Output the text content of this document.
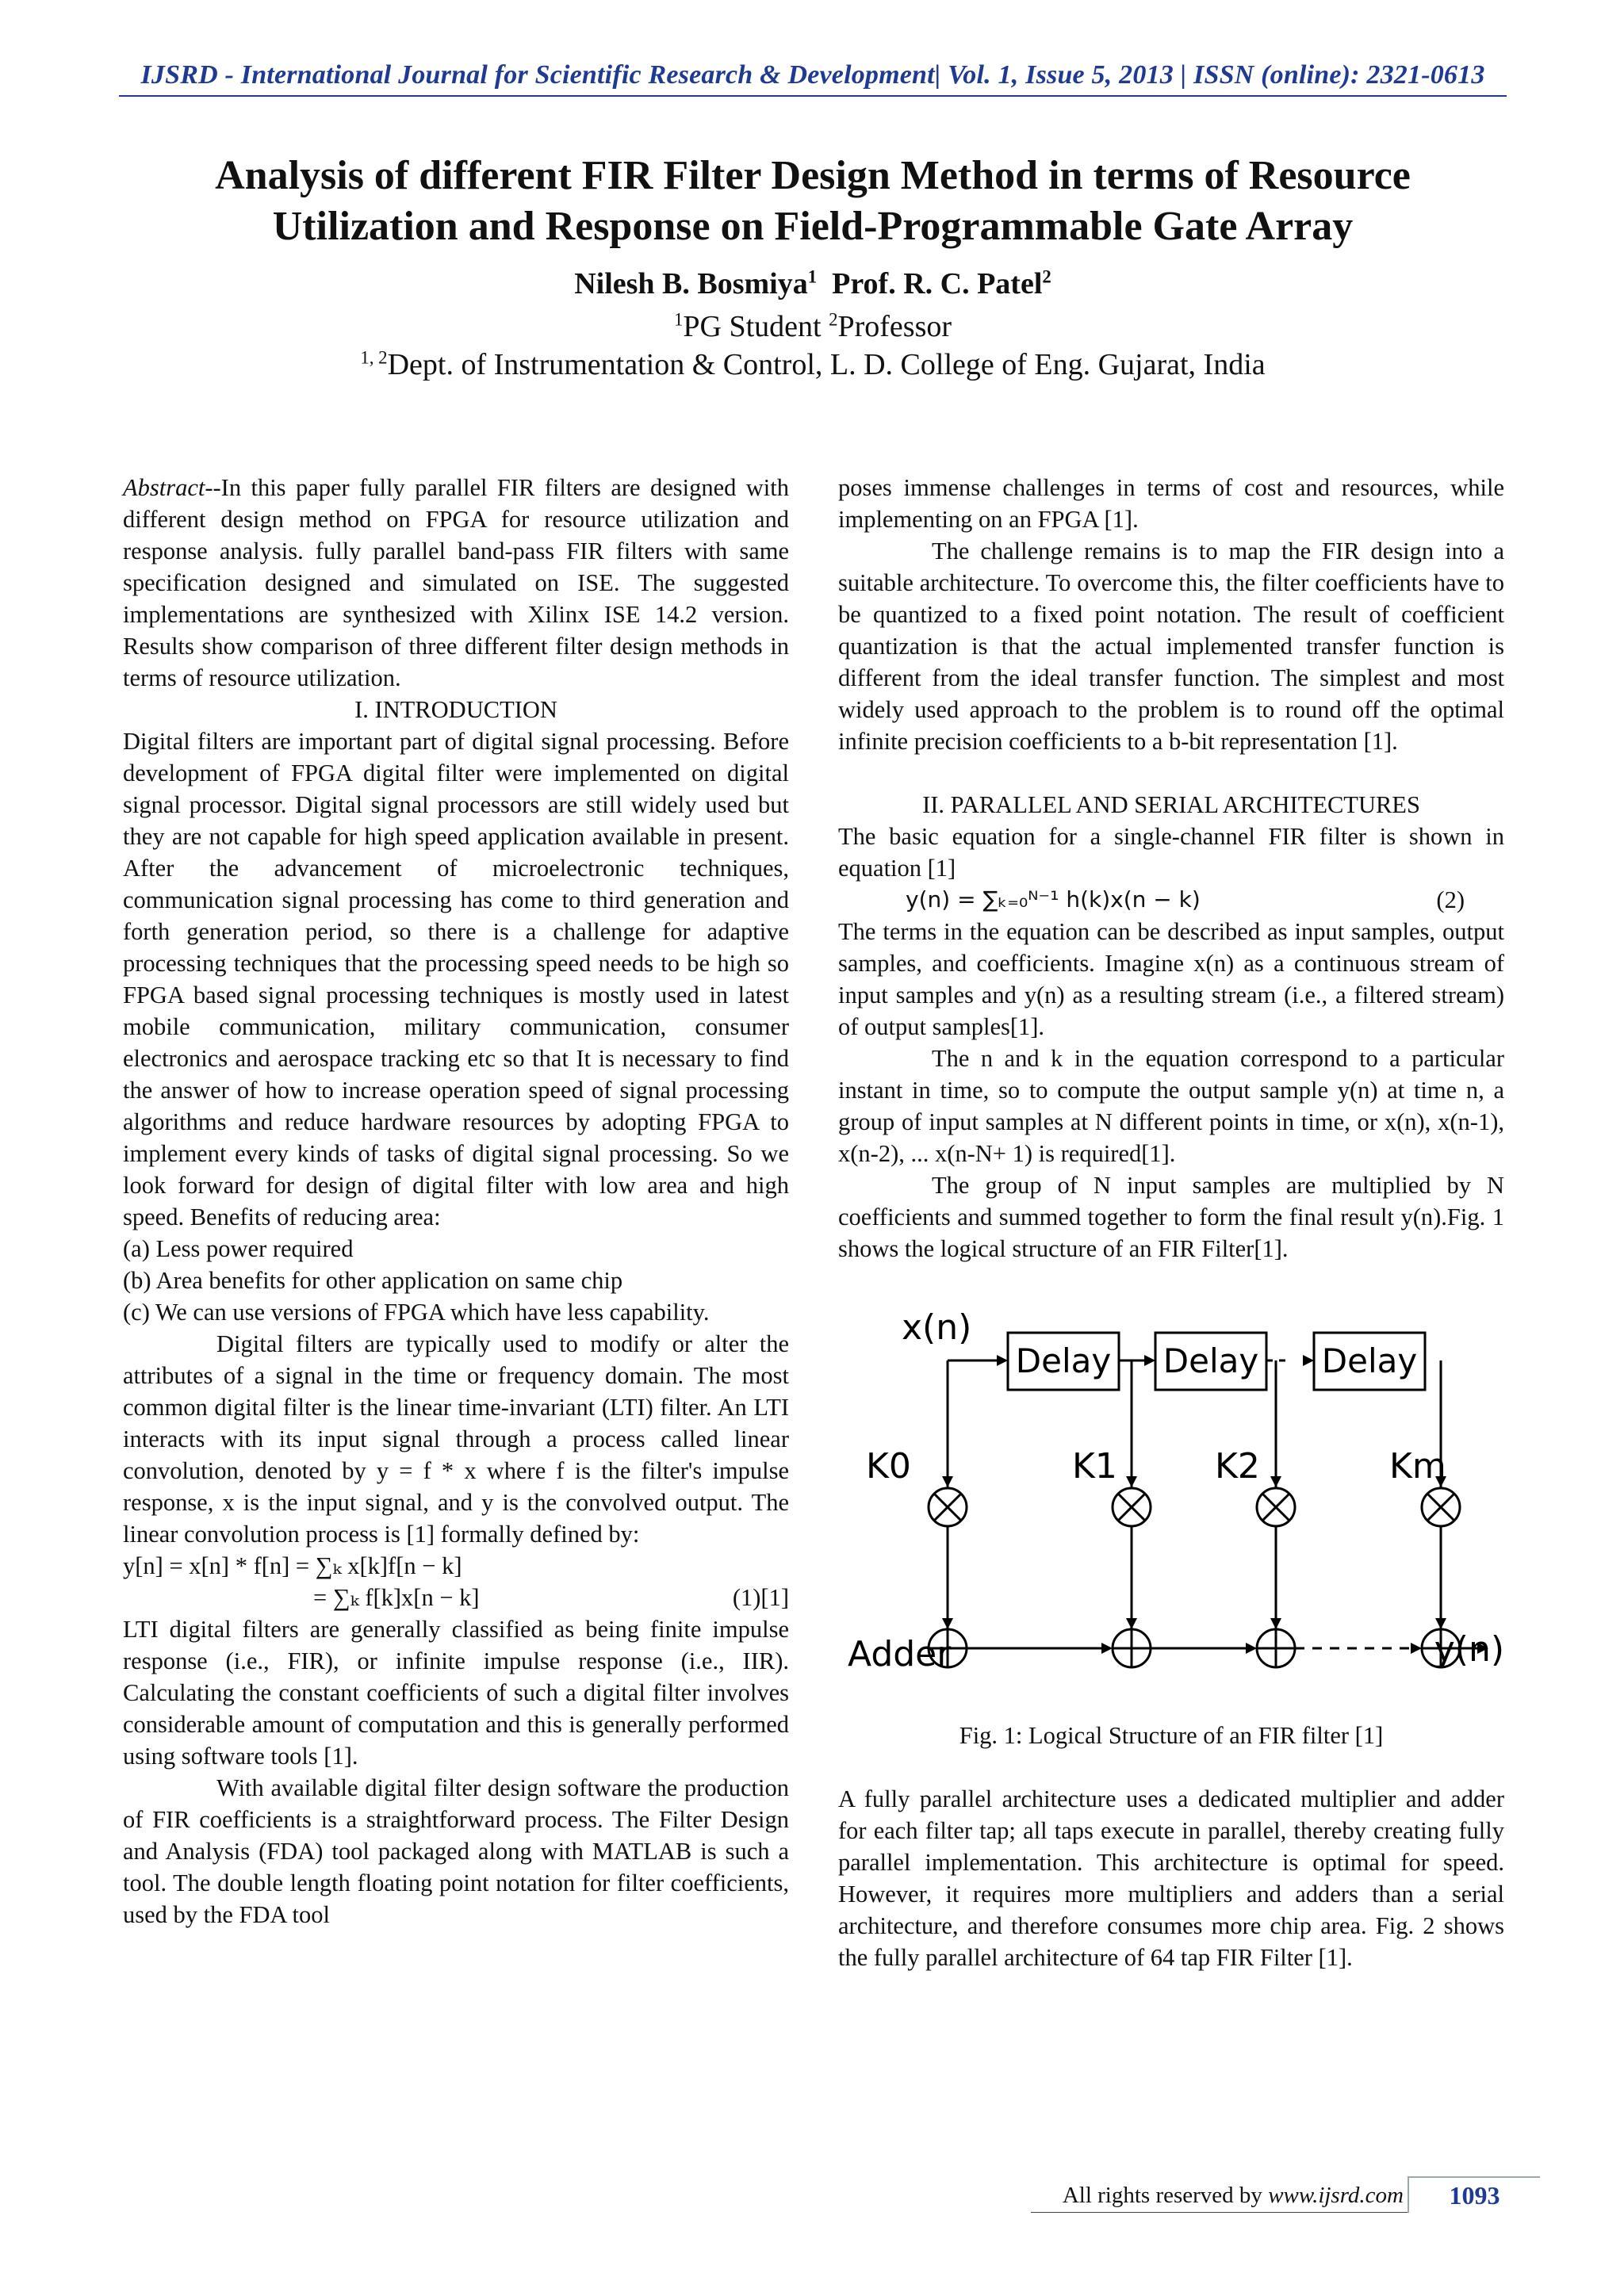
IJSRD - International Journal for Scientific Research & Development| Vol. 1, Issue 5, 2013 | ISSN (online): 2321-0613
Analysis of different FIR Filter Design Method in terms of Resource
Utilization and Response on Field-Programmable Gate Array
Nilesh B. Bosmiya$^1$ Prof. R. C. Patel$^2$
$^1$PG Student $^2$Professor
$^{1, 2}$Dept. of Instrumentation & Control, L. D. College of Eng. Gujarat, India

Abstract--In this paper fully parallel FIR filters are designed with different design method on FPGA for resource utilization and response analysis. fully parallel band-pass FIR filters with same specification designed and simulated on ISE. The suggested implementations are synthesized with Xilinx ISE 14.2 version. Results show comparison of three different filter design methods in terms of resource utilization.

I. INTRODUCTION

Digital filters are important part of digital signal processing. Before development of FPGA digital filter were implemented on digital signal processor. Digital signal processors are still widely used but they are not capable for high speed application available in present. After the advancement of microelectronic techniques, communication signal processing has come to third generation and forth generation period, so there is a challenge for adaptive processing techniques that the processing speed needs to be high so FPGA based signal processing techniques is mostly used in latest mobile communication, military communication, consumer electronics and aerospace tracking etc so that It is necessary to find the answer of how to increase operation speed of signal processing algorithms and reduce hardware resources by adopting FPGA to implement every kinds of tasks of digital signal processing. So we look forward for design of digital filter with low area and high speed. Benefits of reducing area:

(a) Less power required

(b) Area benefits for other application on same chip

(c) We can use versions of FPGA which have less capability.

Digital filters are typically used to modify or alter the attributes of a signal in the time or frequency domain. The most common digital filter is the linear time-invariant (LTI) filter. An LTI interacts with its input signal through a process called linear convolution, denoted by y = f * x where f is the filter's impulse response, x is the input signal, and y is the convolved output. The linear convolution process is [1] formally defined by:

y[n] = x[n] * f[n] = ∑ₖ x[k]f[n − k]

= ∑ₖ f[k]x[n − k]	(1)[1]

LTI digital filters are generally classified as being finite impulse response (i.e., FIR), or infinite impulse response (i.e., IIR). Calculating the constant coefficients of such a digital filter involves considerable amount of computation and this is generally performed using software tools [1].

With available digital filter design software the production of FIR coefficients is a straightforward process. The Filter Design and Analysis (FDA) tool packaged along with MATLAB is such a tool. The double length floating point notation for filter coefficients, used by the FDA tool

poses immense challenges in terms of cost and resources, while implementing on an FPGA [1].

The challenge remains is to map the FIR design into a suitable architecture. To overcome this, the filter coefficients have to be quantized to a fixed point notation. The result of coefficient quantization is that the actual implemented transfer function is different from the ideal transfer function. The simplest and most widely used approach to the problem is to round off the optimal infinite precision coefficients to a b-bit representation [1].

II. PARALLEL AND SERIAL ARCHITECTURES

The basic equation for a single-channel FIR filter is shown in equation [1]

y(n) = ∑ₖ₌₀ᴺ⁻¹ h(k)x(n − k)	(2)

The terms in the equation can be described as input samples, output samples, and coefficients. Imagine x(n) as a continuous stream of input samples and y(n) as a resulting stream (i.e., a filtered stream) of output samples[1].

The n and k in the equation correspond to a particular instant in time, so to compute the output sample y(n) at time n, a group of input samples at N different points in time, or x(n), x(n-1), x(n-2), ... x(n-N+ 1) is required[1].

The group of N input samples are multiplied by N coefficients and summed together to form the final result y(n).Fig. 1 shows the logical structure of an FIR Filter[1].

x(n)
Delay Delay Delay
K0	K1	K2	Km
Adder	y(n)

Fig. 1: Logical Structure of an FIR filter [1]

A fully parallel architecture uses a dedicated multiplier and adder for each filter tap; all taps execute in parallel, thereby creating fully parallel implementation. This architecture is optimal for speed. However, it requires more multipliers and adders than a serial architecture, and therefore consumes more chip area. Fig. 2 shows the fully parallel architecture of 64 tap FIR Filter [1].

All rights reserved by www.ijsrd.com	1093
